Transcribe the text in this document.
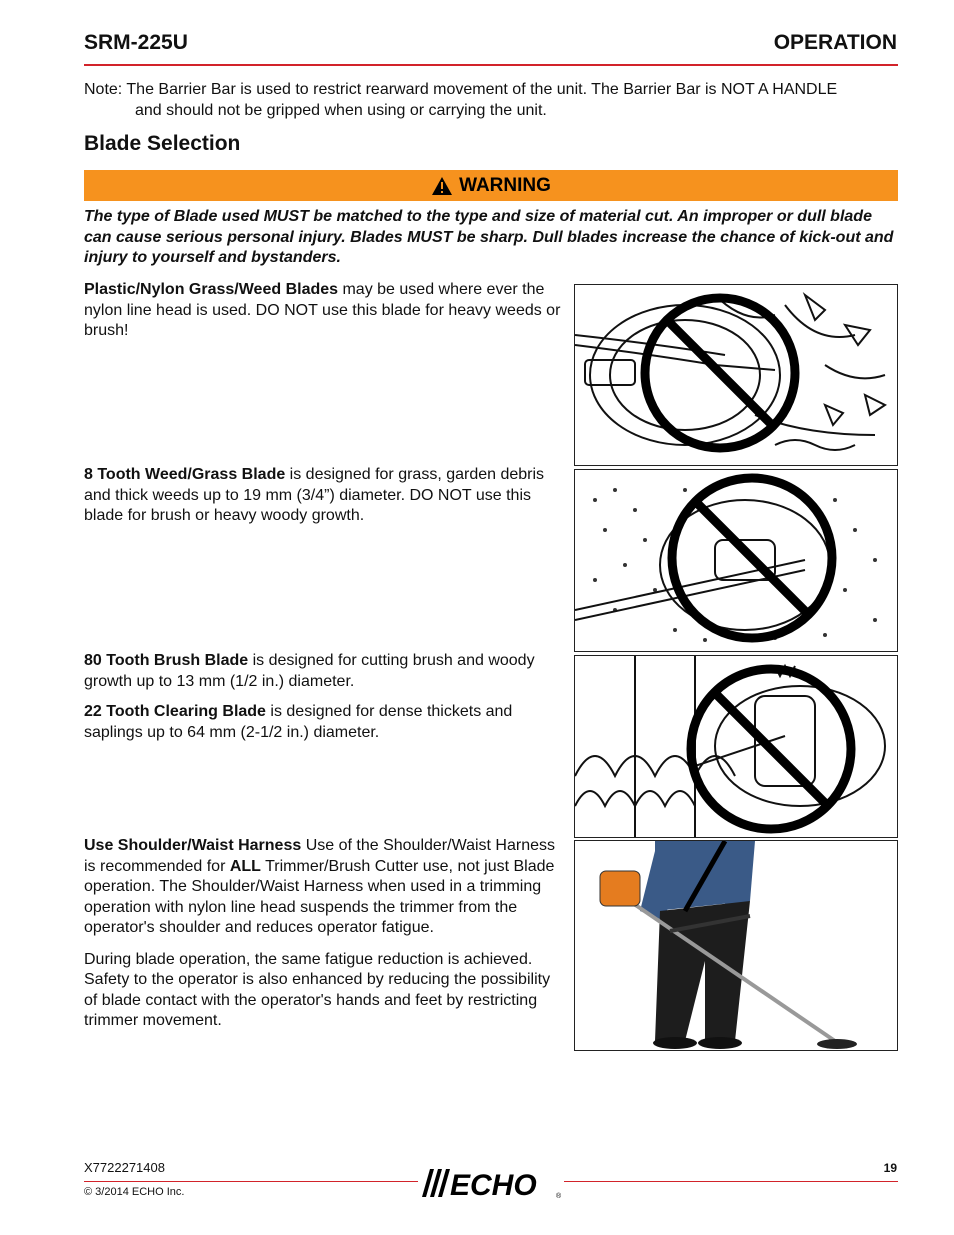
SRM-225U	OPERATION
Note: The Barrier Bar is used to restrict rearward movement of the unit. The Barrier Bar is NOT A HANDLE
and should not be gripped when using or carrying the unit.
Blade Selection
WARNING
The type of Blade used MUST be matched to the type and size of material cut. An improper or dull blade can cause serious personal injury. Blades MUST be sharp. Dull blades increase the chance of kick-out and injury to yourself and bystanders.
Plastic/Nylon Grass/Weed Blades may be used where ever the nylon line head is used. DO NOT use this blade for heavy weeds or brush!
8 Tooth Weed/Grass Blade is designed for grass, garden debris and thick weeds up to 19 mm (3/4”) diameter. DO NOT use this blade for brush or heavy woody growth.

80 Tooth Brush Blade is designed for cutting brush and woody growth up to 13 mm (1/2 in.) diameter.

22 Tooth Clearing Blade is designed for dense thickets and saplings up to 64 mm (2-1/2 in.) diameter.

Use Shoulder/Waist Harness Use of the Shoulder/Waist Harness is recommended for ALL Trimmer/Brush Cutter use, not just Blade operation. The Shoulder/Waist Harness when used in a trimming operation with nylon line head suspends the trimmer from the operator's shoulder and reduces operator fatigue.

During blade operation, the same fatigue reduction is achieved. Safety to the operator is also enhanced by reducing the possibility of blade contact with the operator's hands and feet by restricting trimmer movement.

X7722271408
© 3/2014 ECHO Inc.
19
ECHO	®
